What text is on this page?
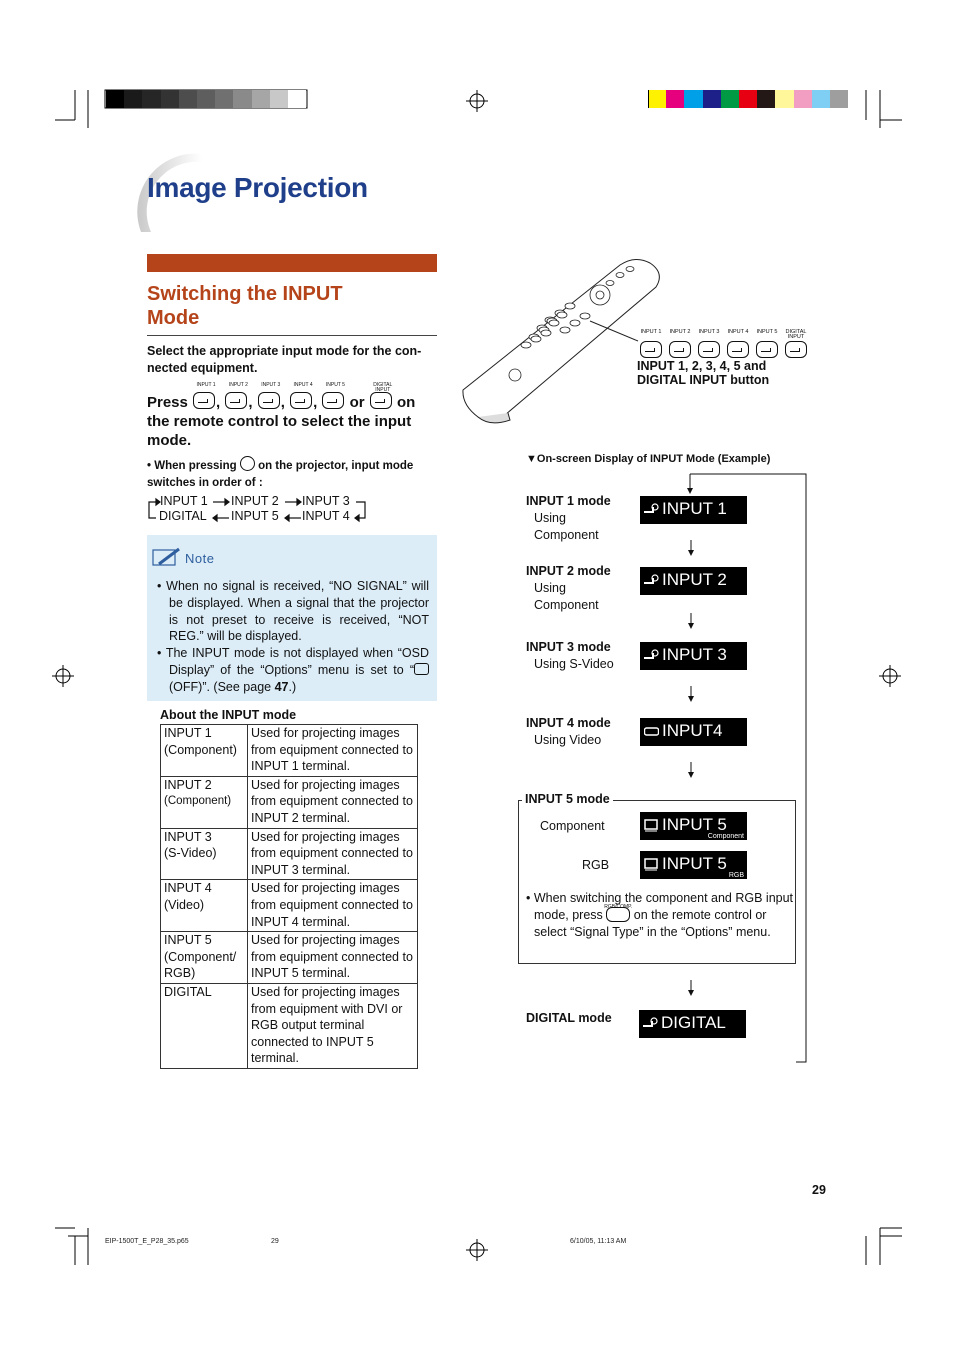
Image Projection
Switching the INPUT
Mode
Select the appropriate input mode for the con-nected equipment.
Press
INPUT 1
,
INPUT 2
,
INPUT 3
,
INPUT 4
,
INPUT 5
or
DIGITAL INPUT
on the remote control to select the input mode.
• When pressing on the projector, input mode switches in order of :
INPUT 1 INPUT 2 INPUT 3
DIGITAL INPUT 5 INPUT 4
Note

• When no signal is received, “NO SIGNAL” will be displayed. When a signal that the projector is not preset to receive is received, “NOT REG.” will be displayed.

• The INPUT mode is not displayed when “OSD Display” of the “Options” menu is set to “ (OFF)”. (See page 47.)

About the INPUT mode
INPUT 1
(Component)	Used for projecting images from equipment connected to INPUT 1 terminal.

INPUT 2
(Component)	Used for projecting images from equipment connected to INPUT 2 terminal.

INPUT 3
(S-Video)	Used for projecting images from equipment connected to INPUT 3 terminal.

INPUT 4
(Video)	Used for projecting images from equipment connected to INPUT 4 terminal.

INPUT 5
(Component/ RGB)	Used for projecting images from equipment connected to INPUT 5 terminal.

DIGITAL	Used for projecting images from equipment with DVI or RGB output terminal connected to INPUT 5 terminal.
INPUT 1	INPUT 2	INPUT 3	INPUT 4	INPUT 5	DIGITAL INPUT
INPUT 1, 2, 3, 4, 5 and
DIGITAL INPUT button
▼On-screen Display of INPUT Mode (Example)
INPUT 1 mode
Using
Component
INPUT 1
INPUT 2 mode
Using
Component
INPUT 2
INPUT 3 mode
Using S-Video	INPUT 3
INPUT 4 mode
Using Video	INPUT4
INPUT 5 mode
Component	INPUT 5
Component
RGB	INPUT 5
RGB
• When switching the component and RGB input mode, press
RGB/COMP.
on the remote control or select “Signal Type” in the “Options” menu.
DIGITAL mode	DIGITAL
29
EIP-1500T_E_P28_35.p65	29	6/10/05, 11:13 AM
